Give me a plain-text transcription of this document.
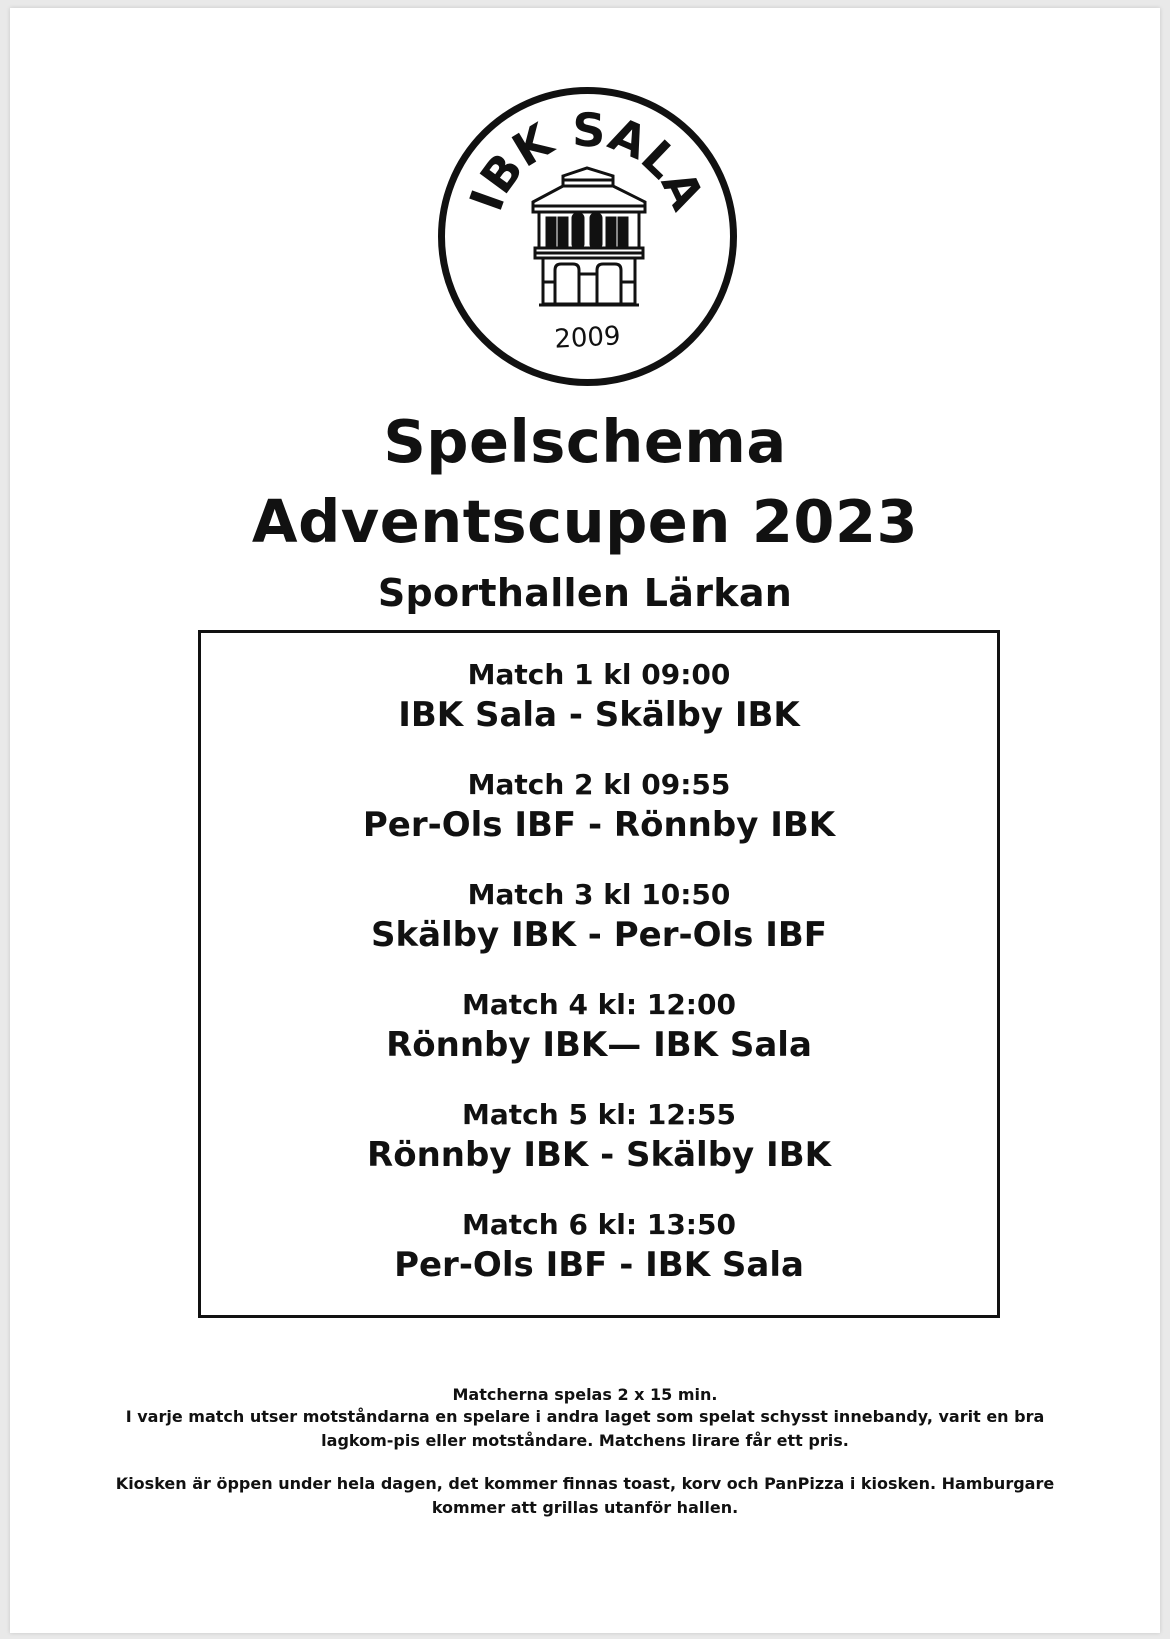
IBK SALA
2009
Spelschema
Adventscupen 2023
Sporthallen Lärkan
Match 1 kl 09:00
IBK Sala - Skälby IBK
Match 2 kl 09:55
Per-Ols IBF - Rönnby IBK
Match 3 kl 10:50
Skälby IBK - Per-Ols IBF
Match 4 kl: 12:00
Rönnby IBK— IBK Sala
Match 5 kl: 12:55
Rönnby IBK - Skälby IBK
Match 6 kl: 13:50
Per-Ols IBF - IBK Sala
Matcherna spelas 2 x 15 min.
I varje match utser motståndarna en spelare i andra laget som spelat schysst innebandy, varit en bra lagkom-pis eller motståndare. Matchens lirare får ett pris.
Kiosken är öppen under hela dagen, det kommer finnas toast, korv och PanPizza i kiosken. Hamburgare kommer att grillas utanför hallen.
